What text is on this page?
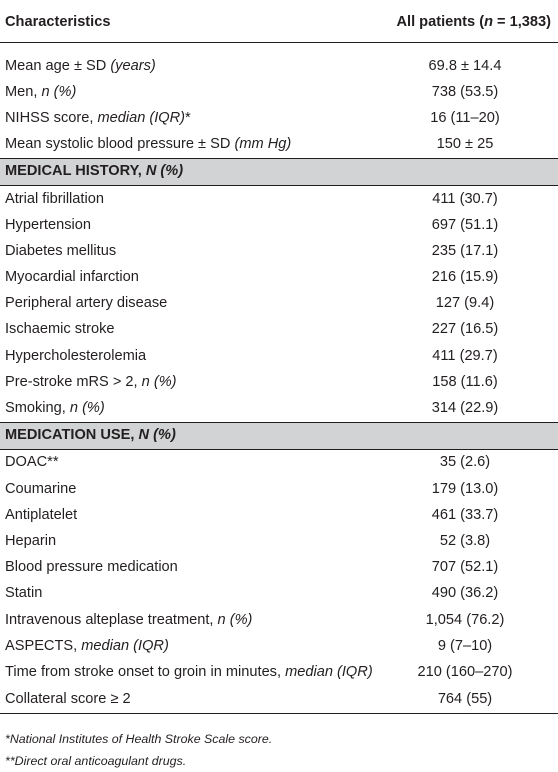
Characteristics	All patients (n = 1,383)

Mean age ± SD (years)	69.8 ± 14.4
Men, n (%)	738 (53.5)
NIHSS score, median (IQR)*	16 (11–20)
Mean systolic blood pressure ± SD (mm Hg)	150 ± 25
MEDICAL HISTORY, N (%)	
Atrial fibrillation	411 (30.7)
Hypertension	697 (51.1)
Diabetes mellitus	235 (17.1)
Myocardial infarction	216 (15.9)
Peripheral artery disease	127 (9.4)
Ischaemic stroke	227 (16.5)
Hypercholesterolemia	411 (29.7)
Pre-stroke mRS > 2, n (%)	158 (11.6)
Smoking, n (%)	314 (22.9)
MEDICATION USE, N (%)	
DOAC**	35 (2.6)
Coumarine	179 (13.0)
Antiplatelet	461 (33.7)
Heparin	52 (3.8)
Blood pressure medication	707 (52.1)
Statin	490 (36.2)
Intravenous alteplase treatment, n (%)	1,054 (76.2)
ASPECTS, median (IQR)	9 (7–10)
Time from stroke onset to groin in minutes, median (IQR)	210 (160–270)
Collateral score ≥ 2	764 (55)
*National Institutes of Health Stroke Scale score.
**Direct oral anticoagulant drugs.
